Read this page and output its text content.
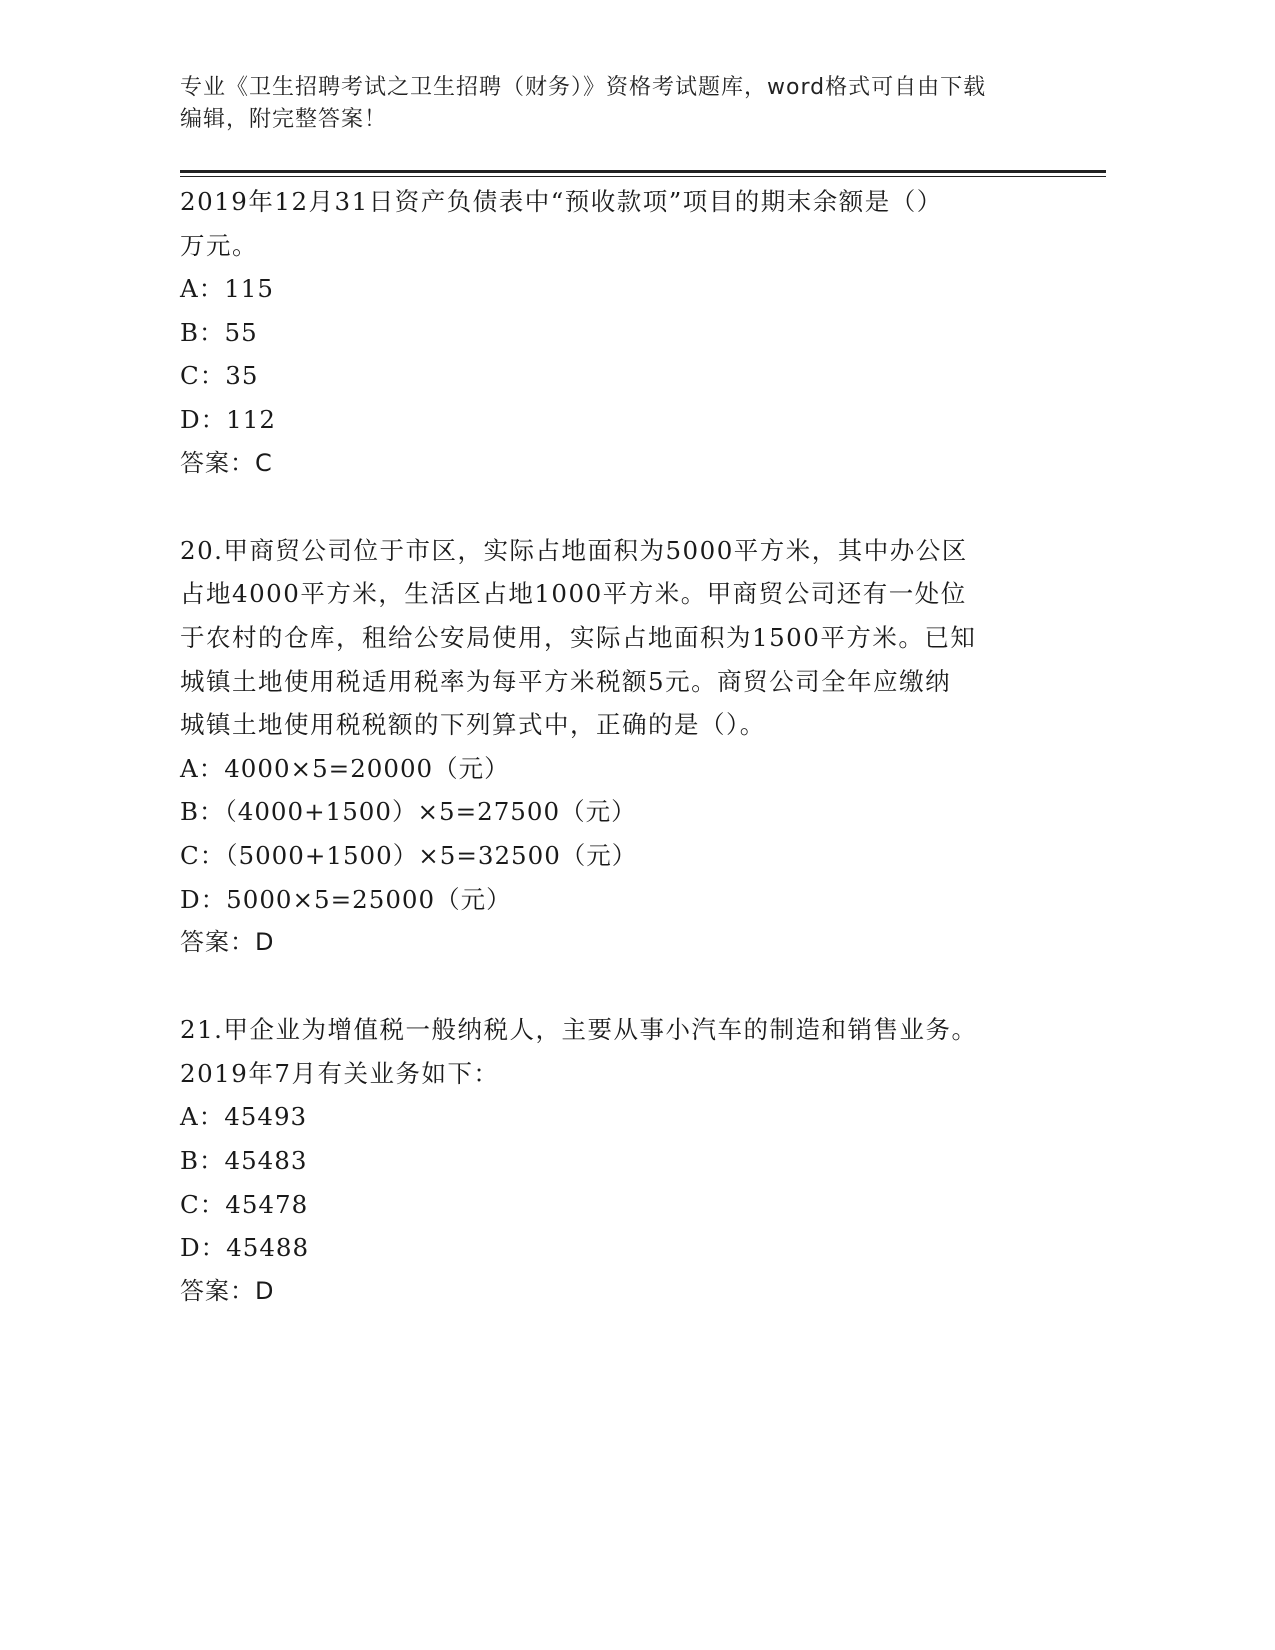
专业《卫生招聘考试之卫生招聘（财务）》资格考试题库，word格式可自由下载
编辑，附完整答案！

2019年12月31日资产负债表中“预收款项”项目的期末余额是（）

万元。

A：115

B：55

C：35

D：112

答案：C

20.甲商贸公司位于市区，实际占地面积为5000平方米，其中办公区

占地4000平方米，生活区占地1000平方米。甲商贸公司还有一处位

于农村的仓库，租给公安局使用，实际占地面积为1500平方米。已知

城镇土地使用税适用税率为每平方米税额5元。商贸公司全年应缴纳

城镇土地使用税税额的下列算式中，正确的是（）。

A：4000×5=20000（元）

B：（4000+1500）×5=27500（元）

C：（5000+1500）×5=32500（元）

D：5000×5=25000（元）

答案：D

21.甲企业为增值税一般纳税人，主要从事小汽车的制造和销售业务。

2019年7月有关业务如下：

A：45493

B：45483

C：45478

D：45488

答案：D
